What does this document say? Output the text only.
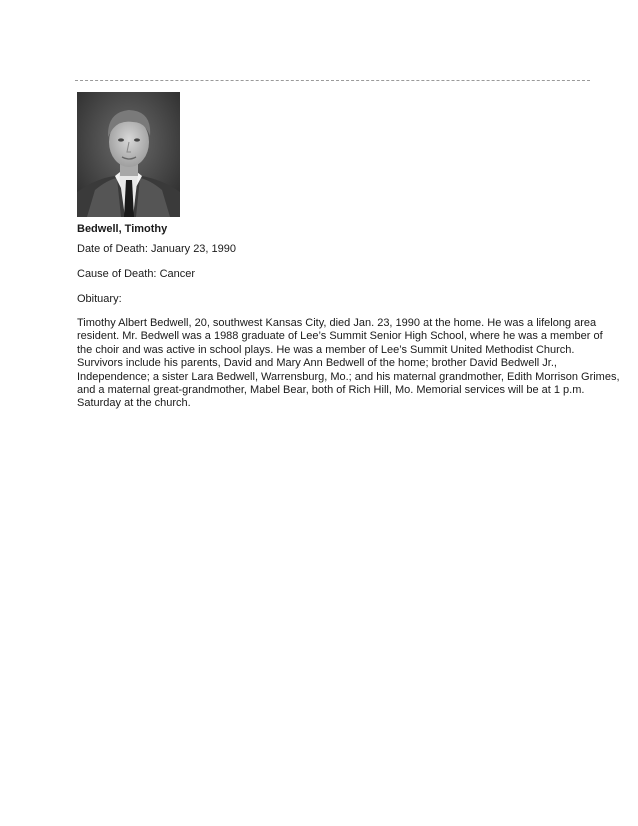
Bedwell, Timothy
Date of Death: January 23, 1990
Cause of Death: Cancer
Obituary:
Timothy Albert Bedwell, 20, southwest Kansas City, died Jan. 23, 1990 at the home. He was a lifelong area
resident. Mr. Bedwell was a 1988 graduate of Lee’s Summit Senior High School, where he was a member of
the choir and was active in school plays. He was a member of Lee’s Summit United Methodist Church.
Survivors include his parents, David and Mary Ann Bedwell of the home; brother David Bedwell Jr.,
Independence; a sister Lara Bedwell, Warrensburg, Mo.; and his maternal grandmother, Edith Morrison Grimes,
and a maternal great-grandmother, Mabel Bear, both of Rich Hill, Mo. Memorial services will be at 1 p.m.
Saturday at the church.
